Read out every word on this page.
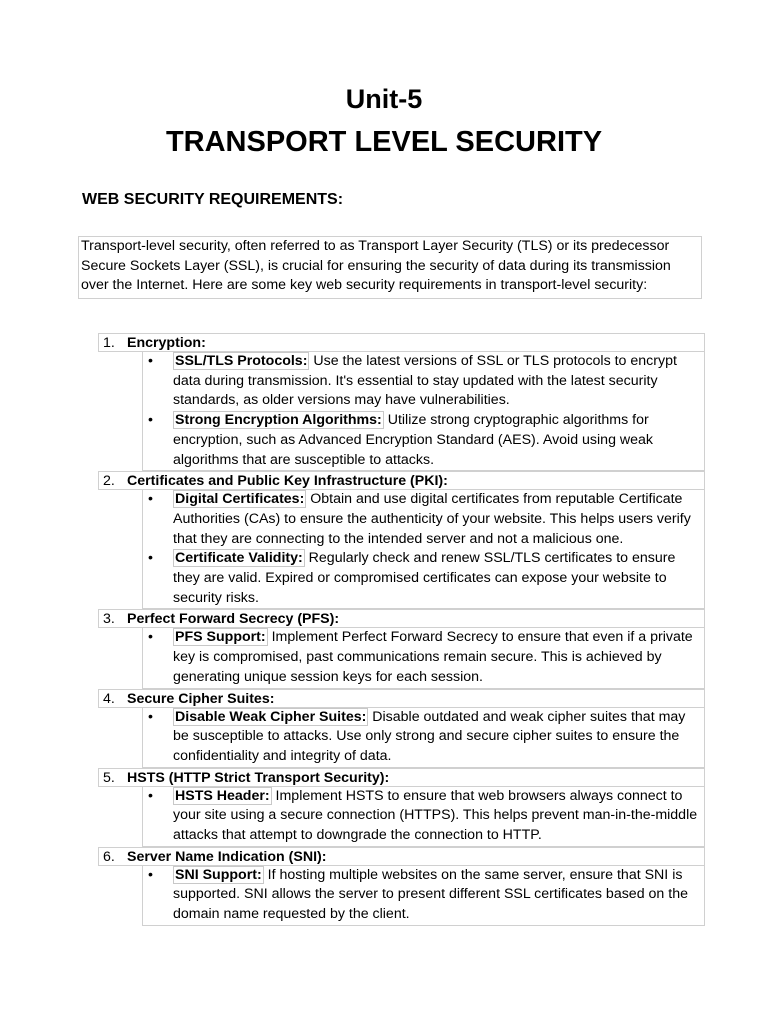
Unit-5
TRANSPORT LEVEL SECURITY
WEB SECURITY REQUIREMENTS:
Transport-level security, often referred to as Transport Layer Security (TLS) or its predecessor Secure Sockets Layer (SSL), is crucial for ensuring the security of data during its transmission over the Internet. Here are some key web security requirements in transport-level security:
1. Encryption:
• SSL/TLS Protocols: Use the latest versions of SSL or TLS protocols to encrypt data during transmission. It's essential to stay updated with the latest security standards, as older versions may have vulnerabilities.
• Strong Encryption Algorithms: Utilize strong cryptographic algorithms for encryption, such as Advanced Encryption Standard (AES). Avoid using weak algorithms that are susceptible to attacks.
2. Certificates and Public Key Infrastructure (PKI):
• Digital Certificates: Obtain and use digital certificates from reputable Certificate Authorities (CAs) to ensure the authenticity of your website. This helps users verify that they are connecting to the intended server and not a malicious one.
• Certificate Validity: Regularly check and renew SSL/TLS certificates to ensure they are valid. Expired or compromised certificates can expose your website to security risks.
3. Perfect Forward Secrecy (PFS):
• PFS Support: Implement Perfect Forward Secrecy to ensure that even if a private key is compromised, past communications remain secure. This is achieved by generating unique session keys for each session.
4. Secure Cipher Suites:
• Disable Weak Cipher Suites: Disable outdated and weak cipher suites that may be susceptible to attacks. Use only strong and secure cipher suites to ensure the confidentiality and integrity of data.
5. HSTS (HTTP Strict Transport Security):
• HSTS Header: Implement HSTS to ensure that web browsers always connect to your site using a secure connection (HTTPS). This helps prevent man-in-the-middle attacks that attempt to downgrade the connection to HTTP.
6. Server Name Indication (SNI):
• SNI Support: If hosting multiple websites on the same server, ensure that SNI is supported. SNI allows the server to present different SSL certificates based on the domain name requested by the client.
